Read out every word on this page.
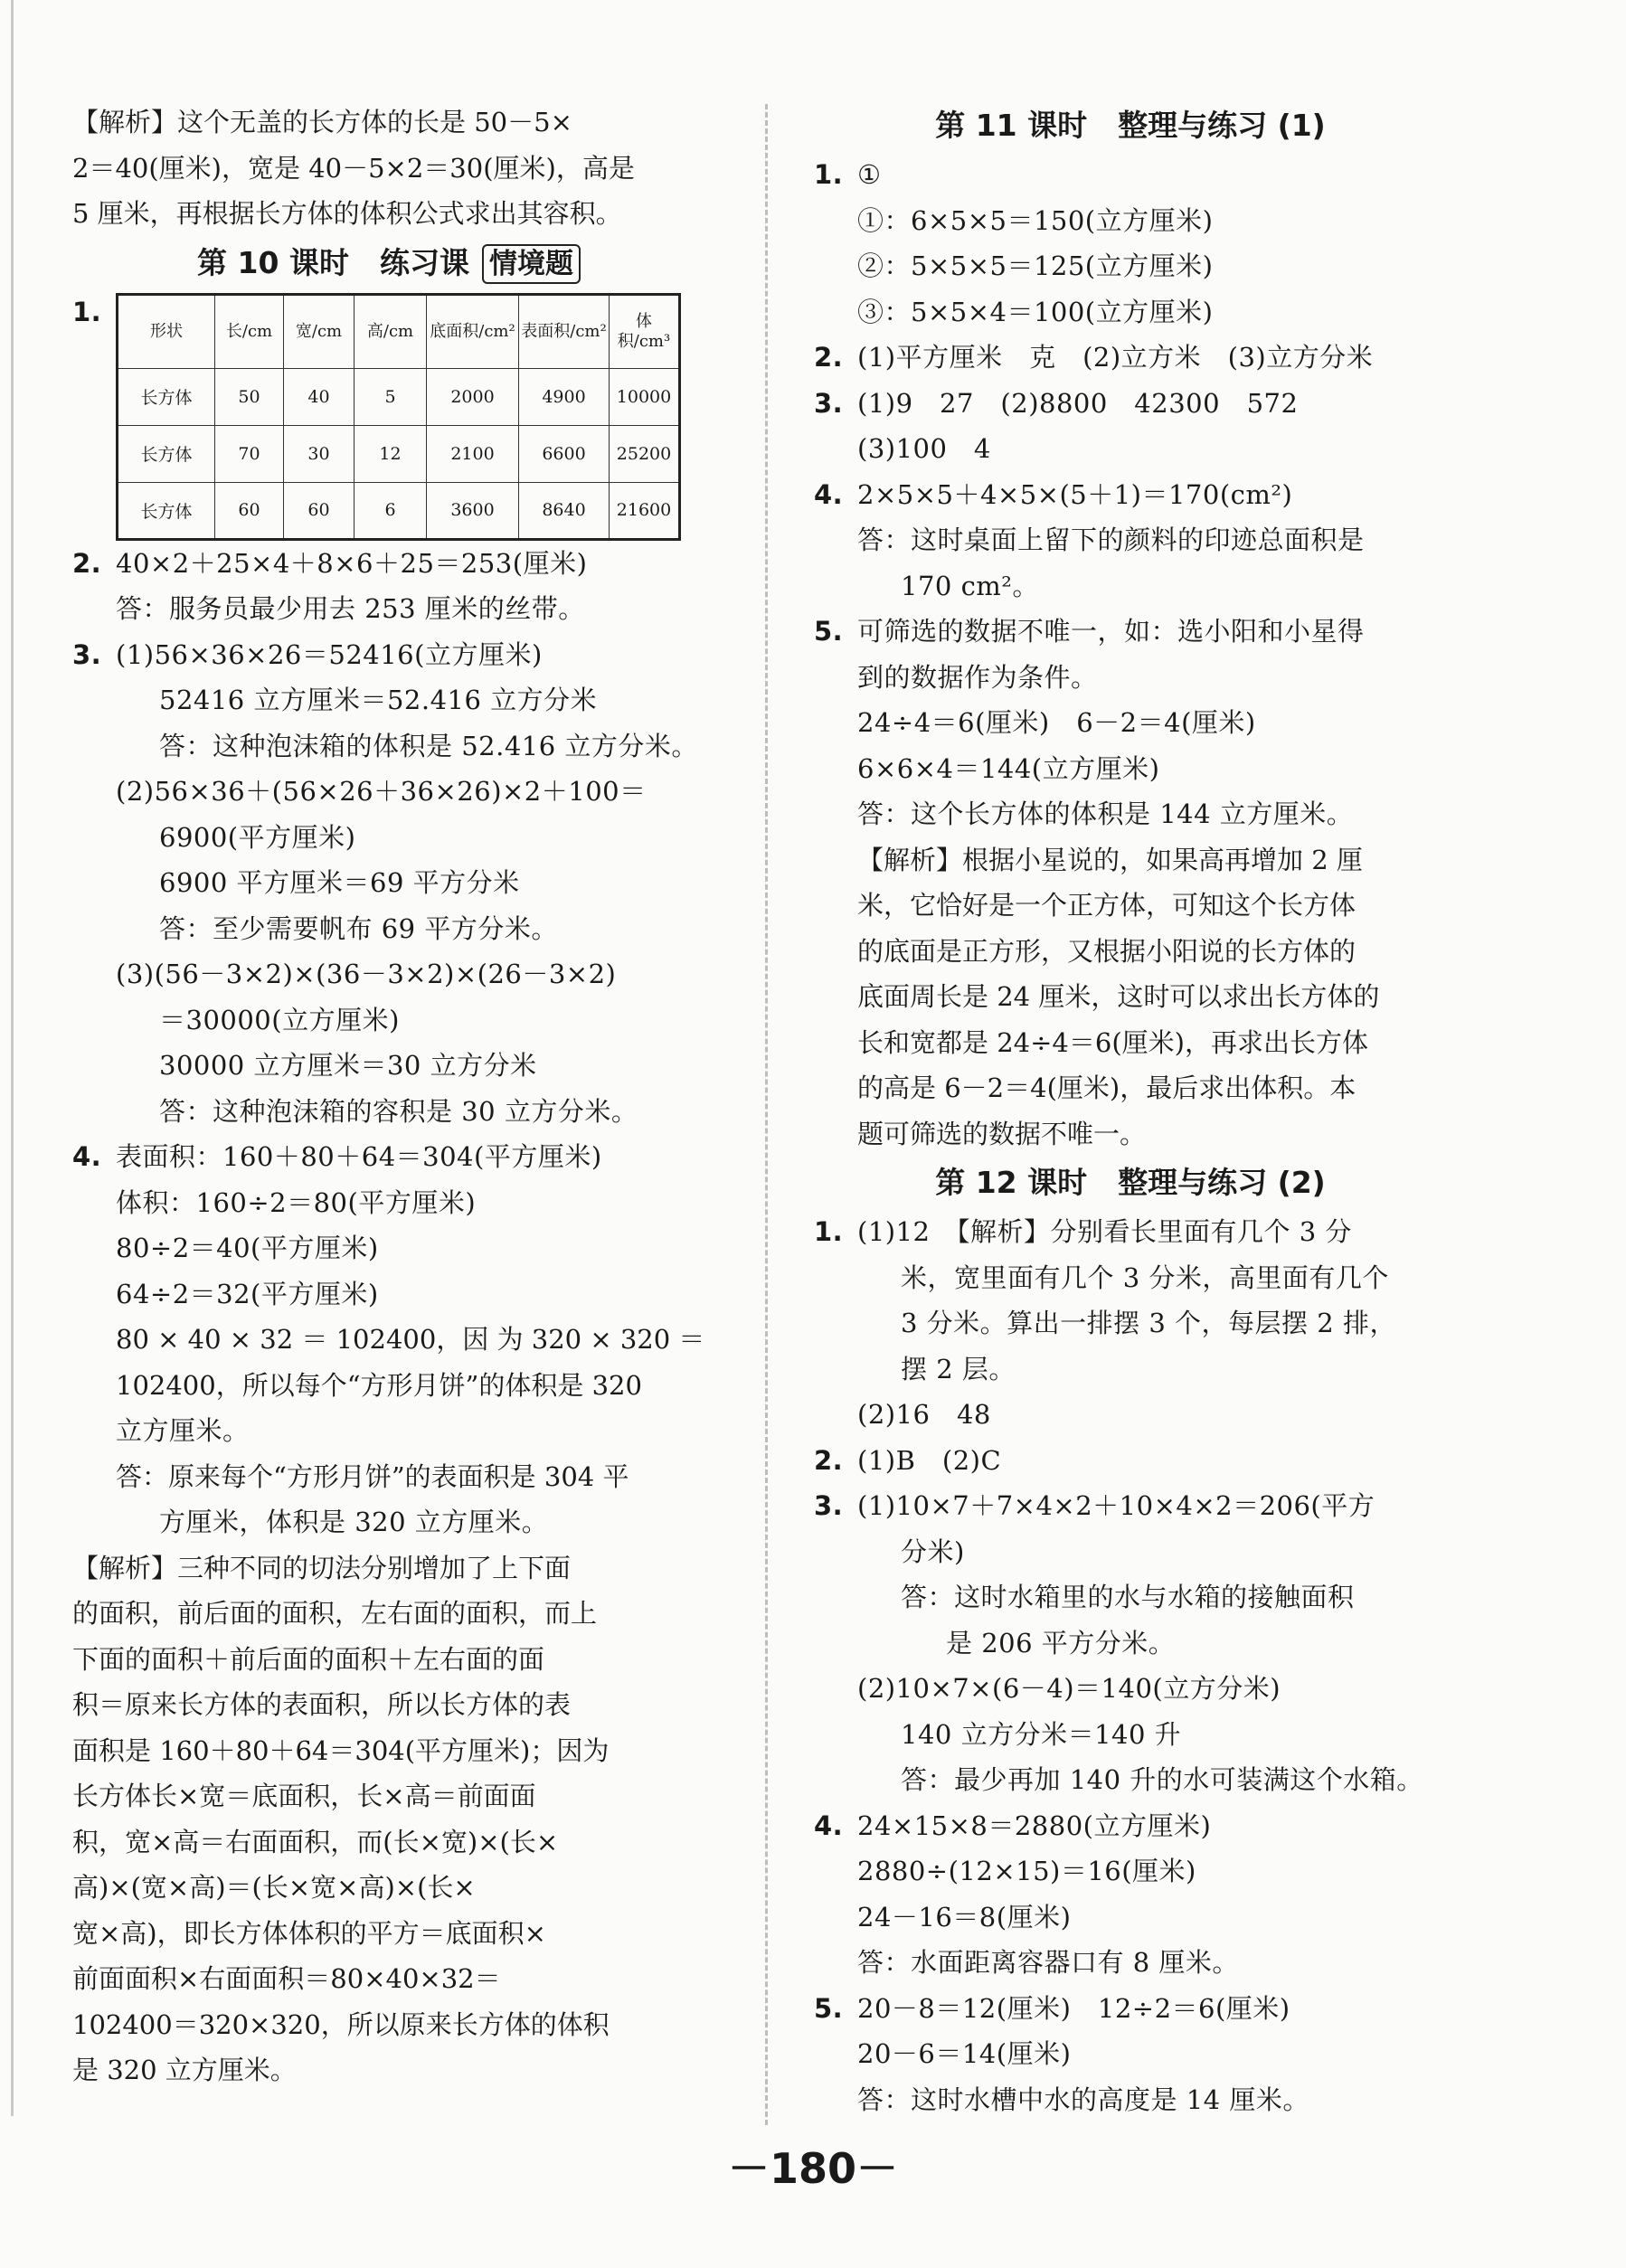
【解析】这个无盖的长方体的长是 50－5×
2＝40(厘米)，宽是 40－5×2＝30(厘米)，高是
5 厘米，再根据长方体的体积公式求出其容积。
第 10 课时 练习课 情境题
1.
形状	长/cm	宽/cm	高/cm	底面积/cm²	表面积/cm²	体积/cm³
长方体	50	40	5	2000	4900	10000
长方体	70	30	12	2100	6600	25200
长方体	60	60	6	3600	8640	21600
2. 40×2＋25×4＋8×6＋25＝253(厘米)
答：服务员最少用去 253 厘米的丝带。
3. (1)56×36×26＝52416(立方厘米)
52416 立方厘米＝52.416 立方分米
答：这种泡沫箱的体积是 52.416 立方分米。
(2)56×36＋(56×26＋36×26)×2＋100＝
6900(平方厘米)
6900 平方厘米＝69 平方分米
答：至少需要帆布 69 平方分米。
(3)(56－3×2)×(36－3×2)×(26－3×2)
＝30000(立方厘米)
30000 立方厘米＝30 立方分米
答：这种泡沫箱的容积是 30 立方分米。
4. 表面积：160＋80＋64＝304(平方厘米)
体积：160÷2＝80(平方厘米)
80÷2＝40(平方厘米)
64÷2＝32(平方厘米)
80 × 40 × 32 ＝ 102400，因 为 320 × 320 ＝
102400，所以每个“方形月饼”的体积是 320
立方厘米。
答：原来每个“方形月饼”的表面积是 304 平
方厘米，体积是 320 立方厘米。
【解析】三种不同的切法分别增加了上下面
的面积，前后面的面积，左右面的面积，而上
下面的面积＋前后面的面积＋左右面的面
积＝原来长方体的表面积，所以长方体的表
面积是 160＋80＋64＝304(平方厘米)；因为
长方体长×宽＝底面积，长×高＝前面面
积，宽×高＝右面面积，而(长×宽)×(长×
高)×(宽×高)＝(长×宽×高)×(长×
宽×高)，即长方体体积的平方＝底面积×
前面面积×右面面积＝80×40×32＝
102400＝320×320，所以原来长方体的体积
是 320 立方厘米。
第 11 课时 整理与练习 (1)
1. ①
①：6×5×5＝150(立方厘米)
②：5×5×5＝125(立方厘米)
③：5×5×4＝100(立方厘米)
2. (1)平方厘米　克　(2)立方米　(3)立方分米
3. (1)9　27　(2)8800　42300　572
(3)100　4
4. 2×5×5＋4×5×(5＋1)＝170(cm²)
答：这时桌面上留下的颜料的印迹总面积是
170 cm²。
5. 可筛选的数据不唯一，如：选小阳和小星得
到的数据作为条件。
24÷4＝6(厘米)　6－2＝4(厘米)
6×6×4＝144(立方厘米)
答：这个长方体的体积是 144 立方厘米。
【解析】根据小星说的，如果高再增加 2 厘
米，它恰好是一个正方体，可知这个长方体
的底面是正方形，又根据小阳说的长方体的
底面周长是 24 厘米，这时可以求出长方体的
长和宽都是 24÷4＝6(厘米)，再求出长方体
的高是 6－2＝4(厘米)，最后求出体积。本
题可筛选的数据不唯一。
第 12 课时 整理与练习 (2)
1. (1)12　【解析】分别看长里面有几个 3 分
米，宽里面有几个 3 分米，高里面有几个
3 分米。算出一排摆 3 个，每层摆 2 排，
摆 2 层。
(2)16　48
2. (1)B　(2)C
3. (1)10×7＋7×4×2＋10×4×2＝206(平方
分米)
答：这时水箱里的水与水箱的接触面积
是 206 平方分米。
(2)10×7×(6－4)＝140(立方分米)
140 立方分米＝140 升
答：最少再加 140 升的水可装满这个水箱。
4. 24×15×8＝2880(立方厘米)
2880÷(12×15)＝16(厘米)
24－16＝8(厘米)
答：水面距离容器口有 8 厘米。
5. 20－8＝12(厘米)　12÷2＝6(厘米)
20－6＝14(厘米)
答：这时水槽中水的高度是 14 厘米。
－180－
